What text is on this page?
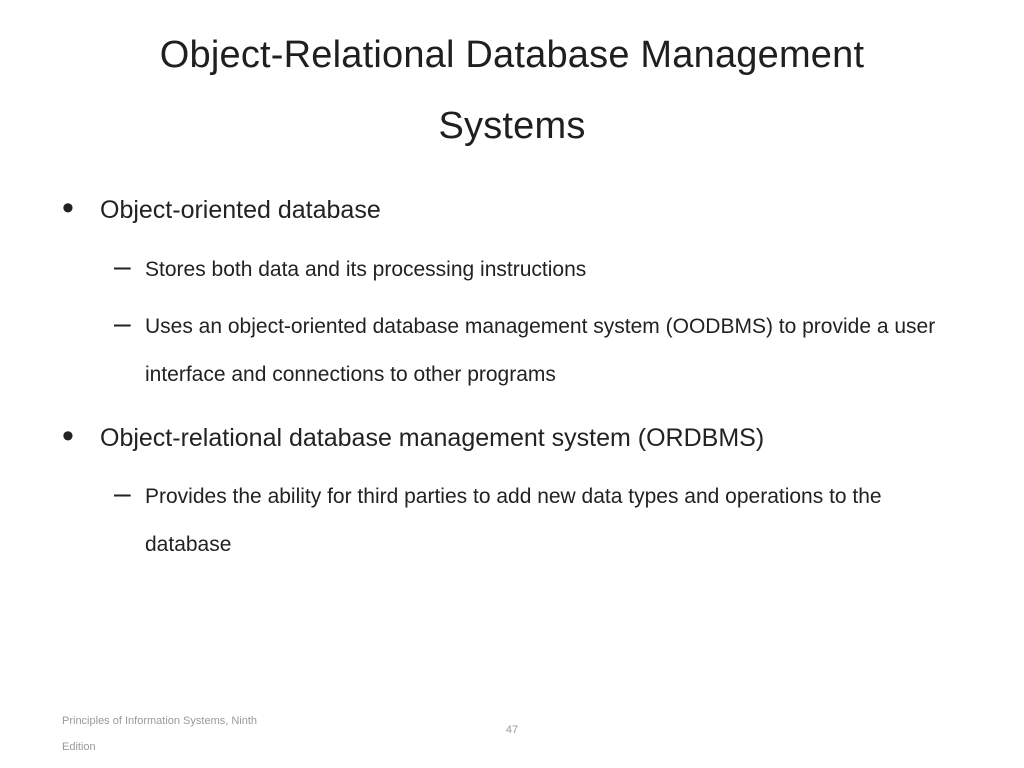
Object-Relational Database Management
Systems
•	Object-oriented database
– Stores both data and its processing instructions
– Uses an object-oriented database management system (OODBMS) to provide a user interface and connections to other programs
•	Object-relational database management system (ORDBMS)
– Provides the ability for third parties to add new data types and operations to the database
Principles of Information Systems, Ninth Edition
47
